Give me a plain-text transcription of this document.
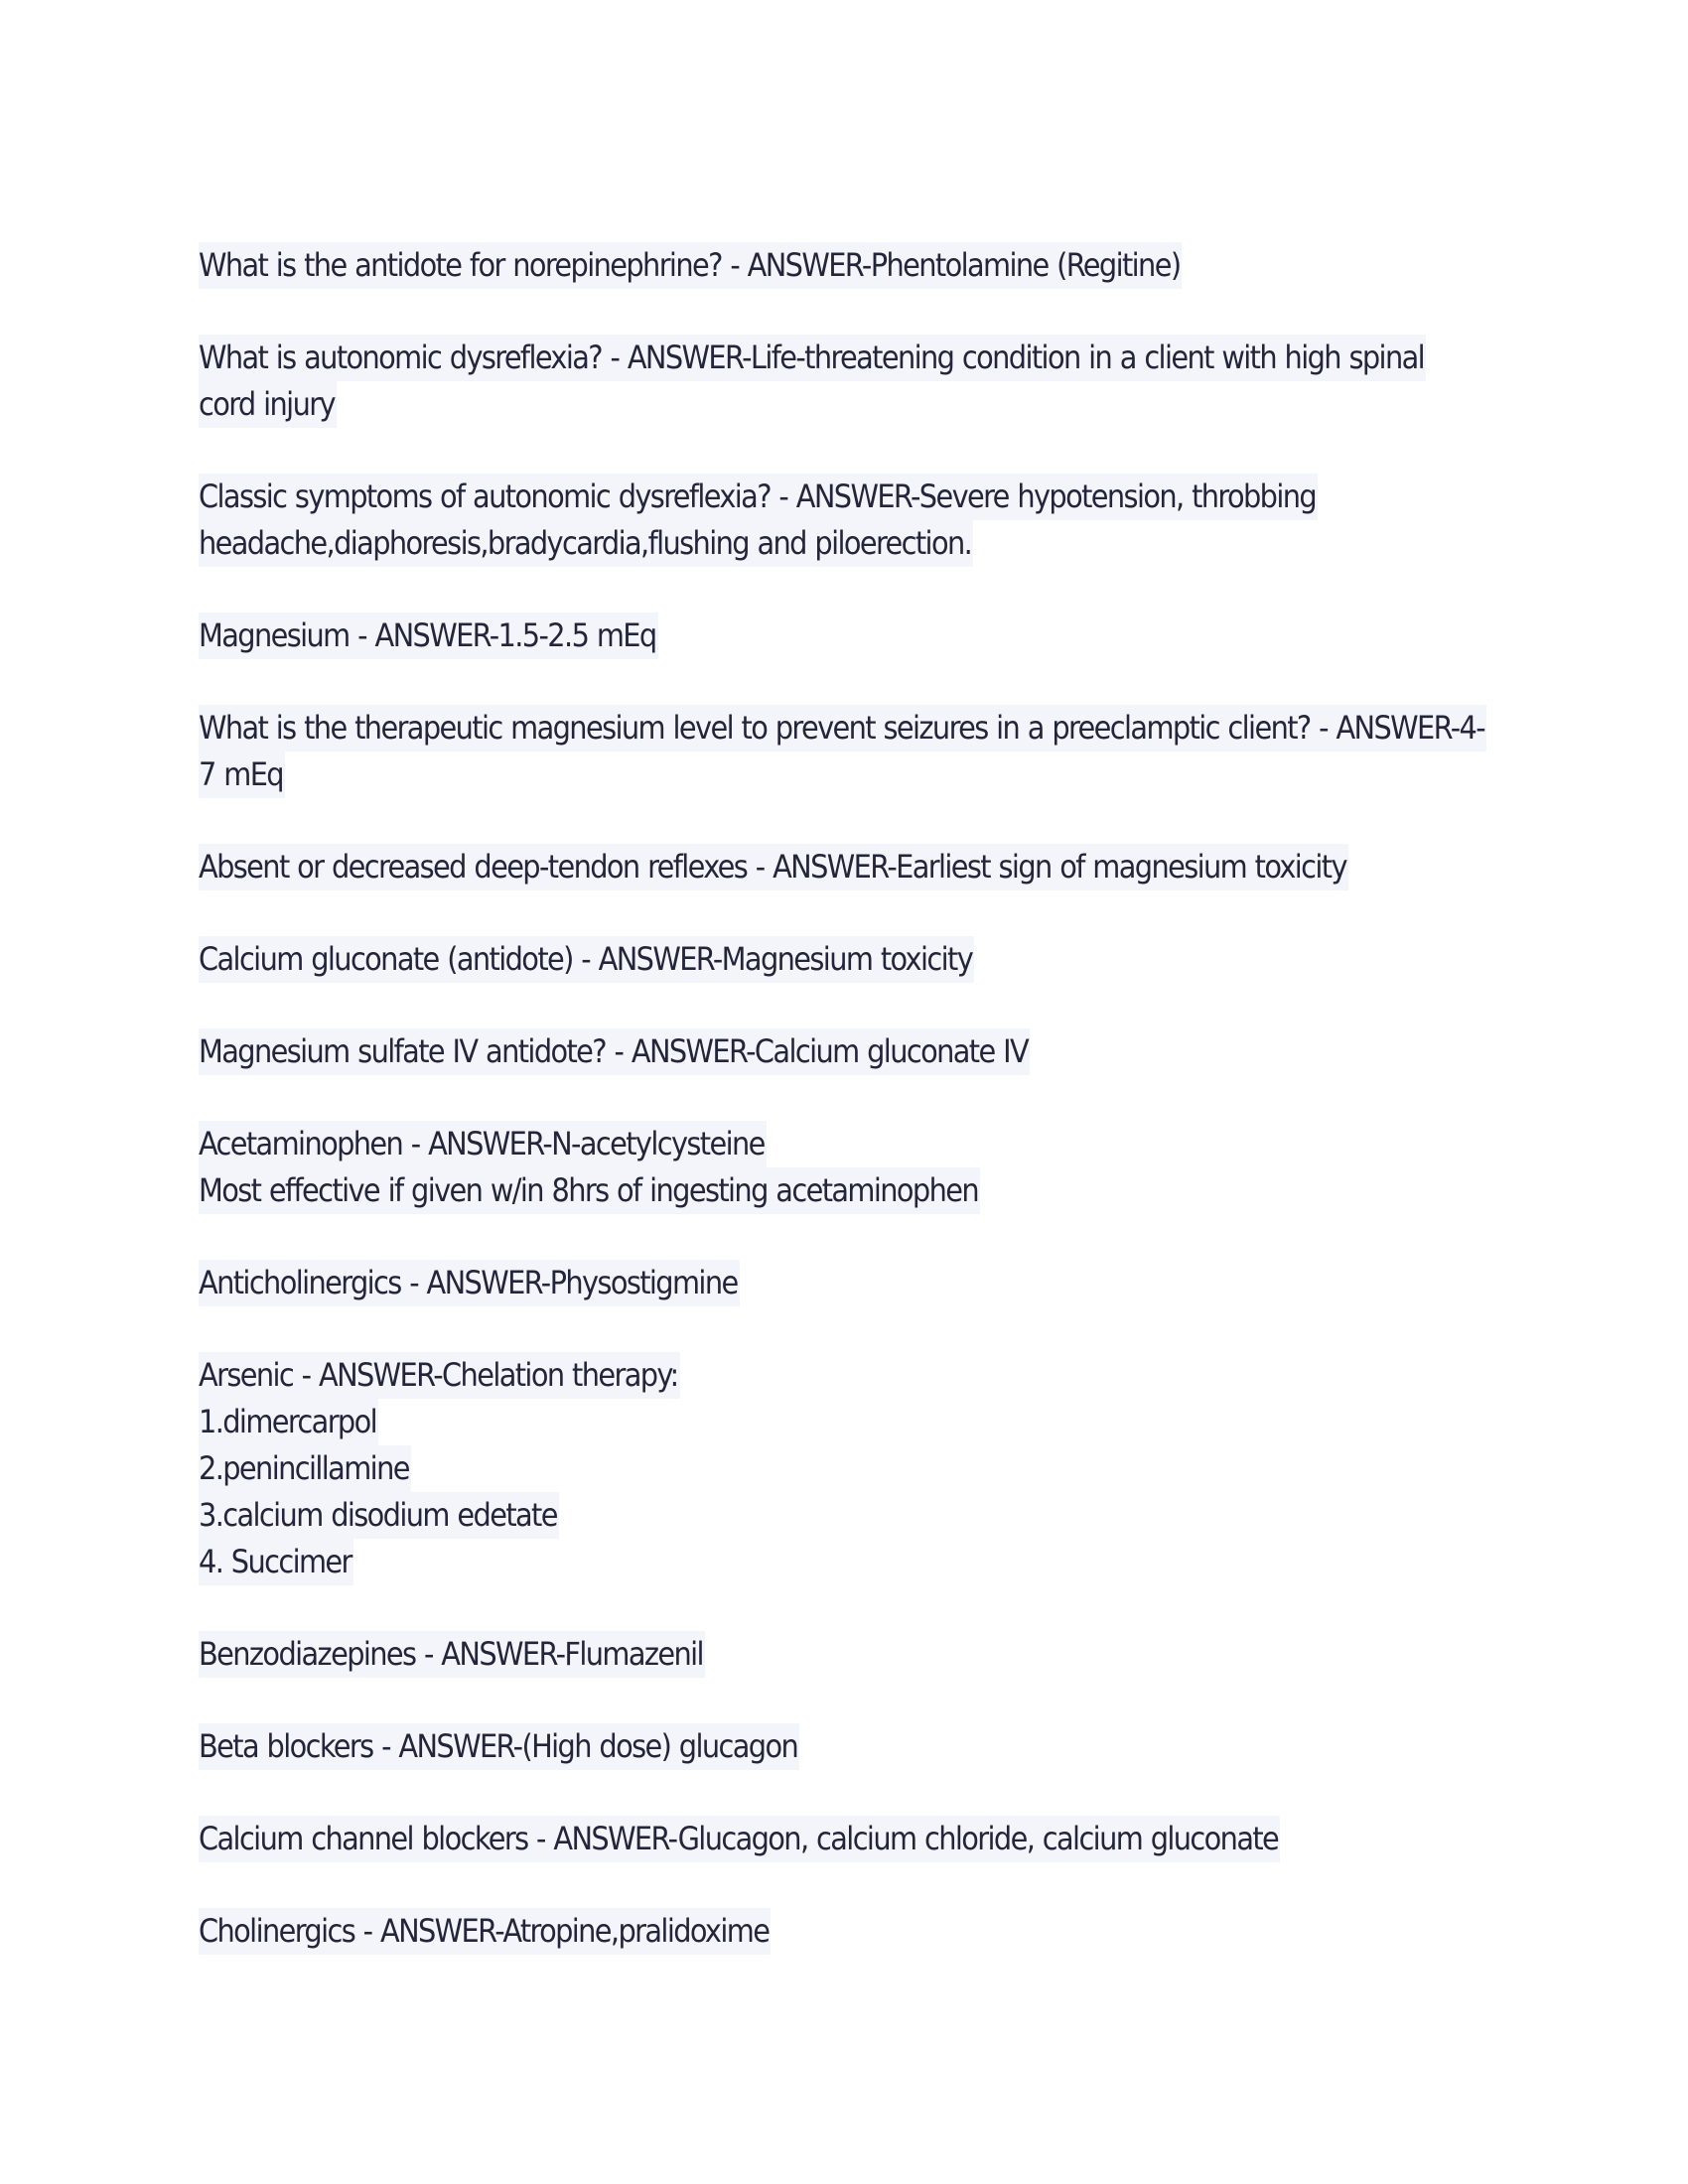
What is the antidote for norepinephrine? - ANSWER-Phentolamine (Regitine)
What is autonomic dysreflexia? - ANSWER-Life-threatening condition in a client with high spinal
cord injury
Classic symptoms of autonomic dysreflexia? - ANSWER-Severe hypotension, throbbing
headache,diaphoresis,bradycardia,flushing and piloerection.
Magnesium - ANSWER-1.5-2.5 mEq
What is the therapeutic magnesium level to prevent seizures in a preeclamptic client? - ANSWER-4-
7 mEq
Absent or decreased deep-tendon reflexes - ANSWER-Earliest sign of magnesium toxicity
Calcium gluconate (antidote) - ANSWER-Magnesium toxicity
Magnesium sulfate IV antidote? - ANSWER-Calcium gluconate IV
Acetaminophen - ANSWER-N-acetylcysteine
Most effective if given w/in 8hrs of ingesting acetaminophen
Anticholinergics - ANSWER-Physostigmine
Arsenic - ANSWER-Chelation therapy:
1.dimercarpol
2.penincillamine
3.calcium disodium edetate
4. Succimer
Benzodiazepines - ANSWER-Flumazenil
Beta blockers - ANSWER-(High dose) glucagon
Calcium channel blockers - ANSWER-Glucagon, calcium chloride, calcium gluconate
Cholinergics - ANSWER-Atropine,pralidoxime
